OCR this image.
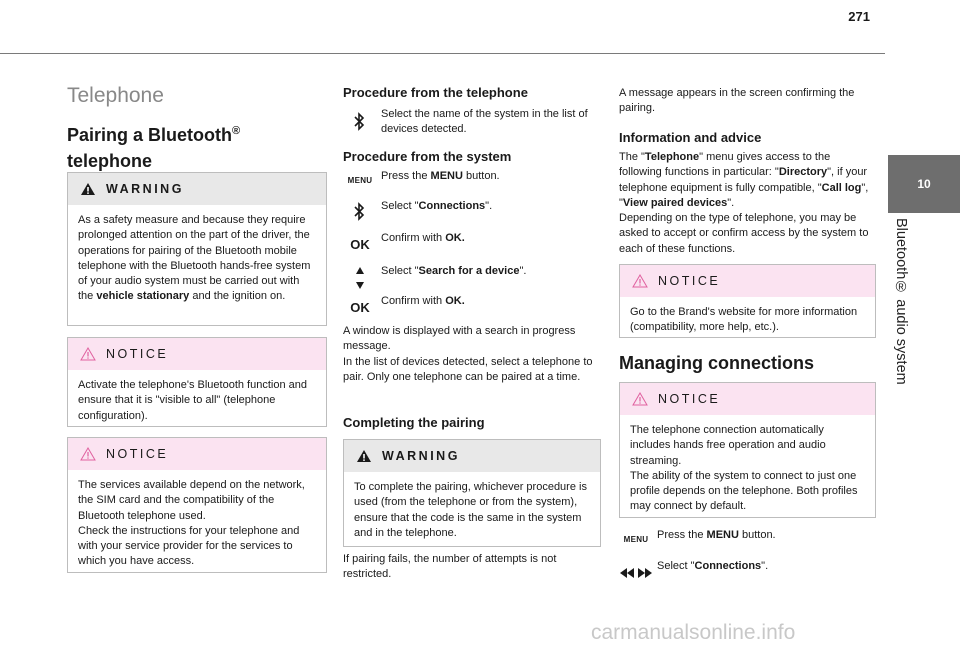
271
10
Bluetooth® audio system
Telephone
Pairing a Bluetooth®
telephone
WARNING
As a safety measure and because they require prolonged attention on the part of the driver, the operations for pairing of the Bluetooth mobile telephone with the Bluetooth hands-free system of your audio system must be carried out with the vehicle stationary and the ignition on.
NOTICE
Activate the telephone's Bluetooth function and ensure that it is "visible to all" (telephone configuration).
NOTICE
The services available depend on the network, the SIM card and the compatibility of the Bluetooth telephone used.
Check the instructions for your telephone and with your service provider for the services to which you have access.
Procedure from the telephone
Select the name of the system in the list of devices detected.
Procedure from the system
MENU Press the MENU button.
Select "Connections".
OK	Confirm with OK.
Select "Search for a device".
OK	Confirm with OK.

A window is displayed with a search in progress message.
In the list of devices detected, select a telephone to pair. Only one telephone can be paired at a time.

Completing the pairing
WARNING
To complete the pairing, whichever procedure is used (from the telephone or from the system), ensure that the code is the same in the system and in the telephone.

If pairing fails, the number of attempts is not restricted.

A message appears in the screen confirming the pairing.

Information and advice

The "Telephone" menu gives access to the following functions in particular: "Directory", if your telephone equipment is fully compatible, "Call log", "View paired devices".
Depending on the type of telephone, you may be asked to accept or confirm access by the system to each of these functions.

NOTICE
Go to the Brand's website for more information (compatibility, more help, etc.).
Managing connections
NOTICE
The telephone connection automatically includes hands free operation and audio streaming.
The ability of the system to connect to just one profile depends on the telephone. Both profiles may connect by default.
MENU Press the MENU button.
Select "Connections".
carmanualsonline.info
